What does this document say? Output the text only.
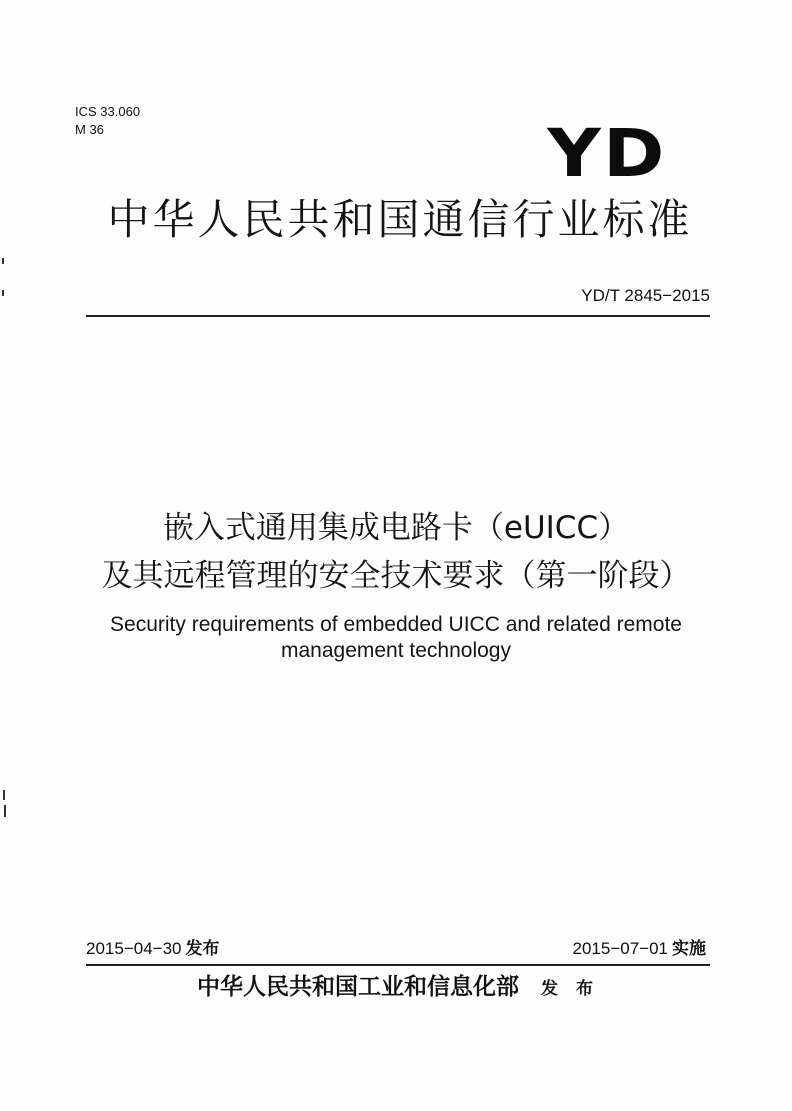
ICS 33.060
M 36	YD
中华人民共和国通信行业标准
YD/T 2845−2015
嵌入式通用集成电路卡（eUICC）
及其远程管理的安全技术要求（第一阶段）
Security requirements of embedded UICC and related remote
management technology
2015−04−30 发布	2015−07−01 实施
中华人民共和国工业和信息化部 发 布
